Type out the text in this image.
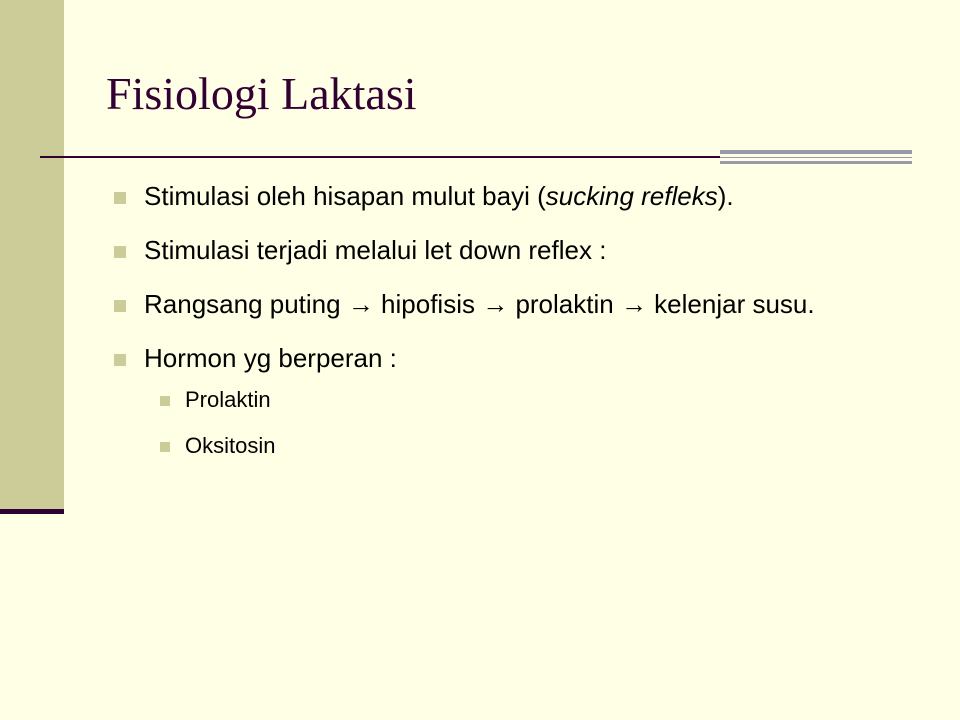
Fisiologi Laktasi
Stimulasi oleh hisapan mulut bayi (sucking refleks).
Stimulasi terjadi melalui let down reflex :
Rangsang puting → hipofisis → prolaktin → kelenjar susu.
Hormon yg berperan :
Prolaktin
Oksitosin
